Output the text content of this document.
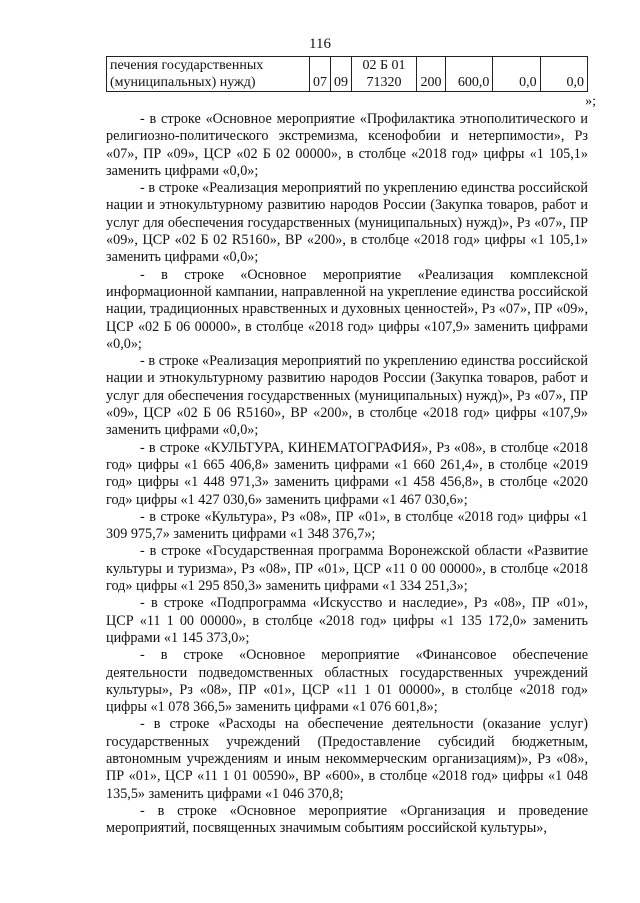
116
печения государственных (муниципальных) нужд)	07	09	02 Б 01 71320	200	600,0	0,0	0,0
»;

- в строке «Основное мероприятие «Профилактика этнополитического и религиозно-политического экстремизма, ксенофобии и нетерпимости», Рз «07», ПР «09», ЦСР «02 Б 02 00000», в столбце «2018 год» цифры «1 105,1» заменить цифрами «0,0»;

- в строке «Реализация мероприятий по укреплению единства российской нации и этнокультурному развитию народов России (Закупка товаров, работ и услуг для обеспечения государственных (муниципальных) нужд)», Рз «07», ПР «09», ЦСР «02 Б 02 R5160», ВР «200», в столбце «2018 год» цифры «1 105,1» заменить цифрами «0,0»;

- в строке «Основное мероприятие «Реализация комплексной информационной кампании, направленной на укрепление единства российской нации, традиционных нравственных и духовных ценностей», Рз «07», ПР «09», ЦСР «02 Б 06 00000», в столбце «2018 год» цифры «107,9» заменить цифрами «0,0»;

- в строке «Реализация мероприятий по укреплению единства российской нации и этнокультурному развитию народов России (Закупка товаров, работ и услуг для обеспечения государственных (муниципальных) нужд)», Рз «07», ПР «09», ЦСР «02 Б 06 R5160», ВР «200», в столбце «2018 год» цифры «107,9» заменить цифрами «0,0»;

- в строке «КУЛЬТУРА, КИНЕМАТОГРАФИЯ», Рз «08», в столбце «2018 год» цифры «1 665 406,8» заменить цифрами «1 660 261,4», в столбце «2019 год» цифры «1 448 971,3» заменить цифрами «1 458 456,8», в столбце «2020 год» цифры «1 427 030,6» заменить цифрами «1 467 030,6»;

- в строке «Культура», Рз «08», ПР «01», в столбце «2018 год» цифры «1 309 975,7» заменить цифрами «1 348 376,7»;

- в строке «Государственная программа Воронежской области «Развитие культуры и туризма», Рз «08», ПР «01», ЦСР «11 0 00 00000», в столбце «2018 год» цифры «1 295 850,3» заменить цифрами «1 334 251,3»;

- в строке «Подпрограмма «Искусство и наследие», Рз «08», ПР «01», ЦСР «11 1 00 00000», в столбце «2018 год» цифры «1 135 172,0» заменить цифрами «1 145 373,0»;

- в строке «Основное мероприятие «Финансовое обеспечение деятельности подведомственных областных государственных учреждений культуры», Рз «08», ПР «01», ЦСР «11 1 01 00000», в столбце «2018 год» цифры «1 078 366,5» заменить цифрами «1 076 601,8»;

- в строке «Расходы на обеспечение деятельности (оказание услуг) государственных учреждений (Предоставление субсидий бюджетным, автономным учреждениям и иным некоммерческим организациям)», Рз «08», ПР «01», ЦСР «11 1 01 00590», ВР «600», в столбце «2018 год» цифры «1 048 135,5» заменить цифрами «1 046 370,8;

- в строке «Основное мероприятие «Организация и проведение мероприятий, посвященных значимым событиям российской культуры»,
